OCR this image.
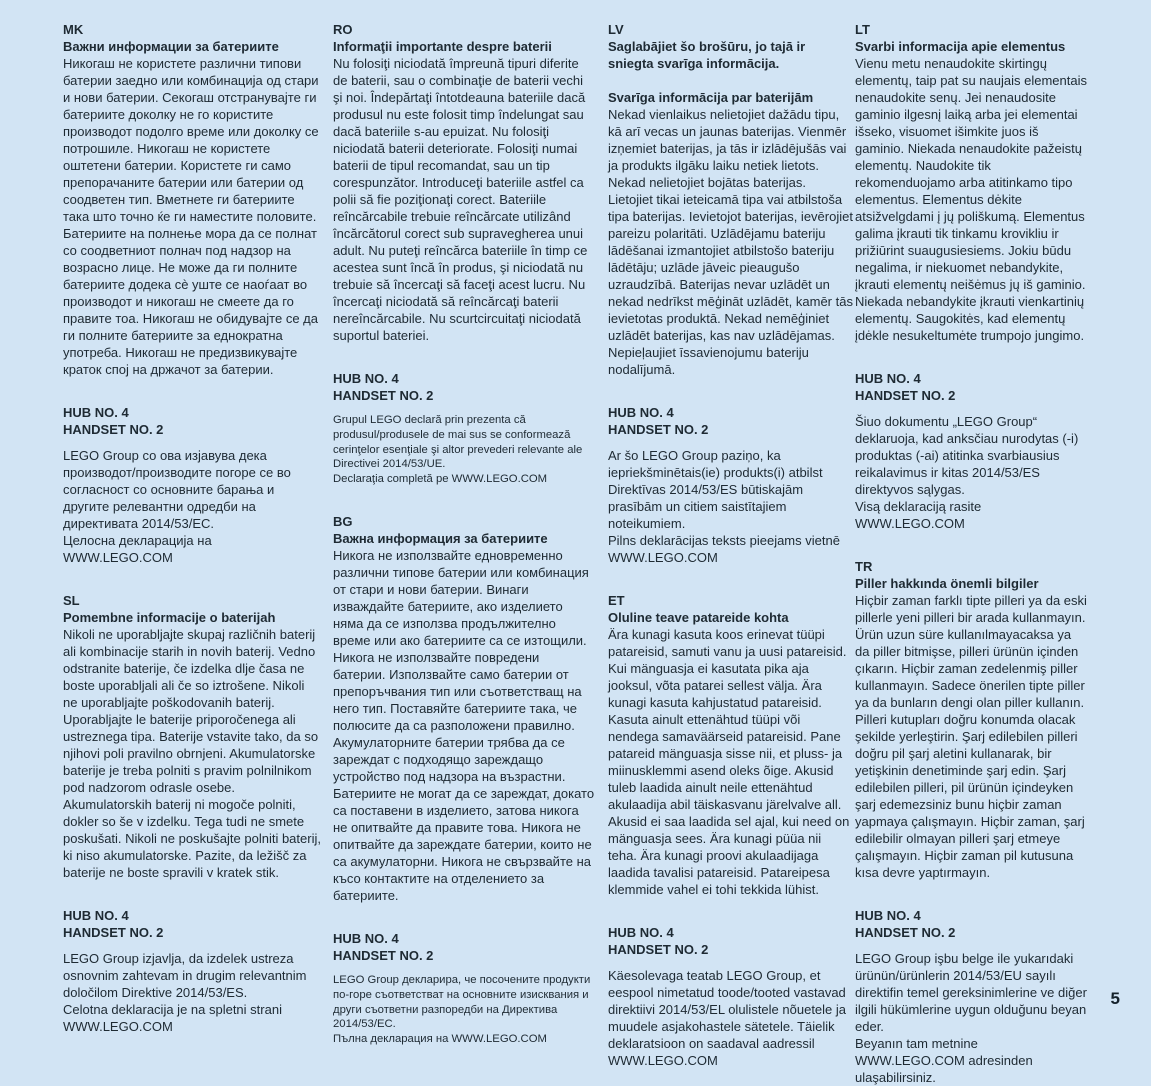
MK
Важни информации за батериите

Никогаш не користете различни типови батерии заедно или комбинација од стари и нови батерии. Секогаш отстранувајте ги батериите доколку не го користите производот подолго време или доколку се потрошиле. Никогаш не користете оштетени батерии. Користете ги само препорачаните батерии или батерии од соодветен тип. Вметнете ги батериите така што точно ќе ги наместите половите. Батериите на полнење мора да се полнат со соодветниот полнач под надзор на возрасно лице. Не може да ги полните батериите додека сè уште се наоѓаат во производот и никогаш не смеете да го правите тоа. Никогаш не обидувајте се да ги полните батериите за еднократна употреба. Никогаш не предизвикувајте краток спој на држачот за батерии.

HUB NO. 4
HANDSET NO. 2
LEGO Group со ова изјавува дека производот/производите погоре се во согласност со основните барања и другите релевантни одредби на директивата 2014/53/ЕС.
Целосна декларација на WWW.LEGO.COM
SL
Pomembne informacije o baterijah

Nikoli ne uporabljajte skupaj različnih baterij ali kombinacije starih in novih baterij. Vedno odstranite baterije, če izdelka dlje časa ne boste uporabljali ali če so iztrošene. Nikoli ne uporabljajte poškodovanih baterij. Uporabljajte le baterije priporočenega ali ustreznega tipa. Baterije vstavite tako, da so njihovi poli pravilno obrnjeni. Akumulatorske baterije je treba polniti s pravim polnilnikom pod nadzorom odrasle osebe. Akumulatorskih baterij ni mogoče polniti, dokler so še v izdelku. Tega tudi ne smete poskušati. Nikoli ne poskušajte polniti baterij, ki niso akumulatorske. Pazite, da ležišč za baterije ne boste spravili v kratek stik.

HUB NO. 4
HANDSET NO. 2
LEGO Group izjavlja, da izdelek ustreza osnovnim zahtevam in drugim relevantnim določilom Direktive 2014/53/ES.
Celotna deklaracija je na spletni strani WWW.LEGO.COM
RO
Informaţii importante despre baterii

Nu folosiţi niciodată împreună tipuri diferite de baterii, sau o combinaţie de baterii vechi şi noi. Îndepărtaţi întotdeauna bateriile dacă produsul nu este folosit timp îndelungat sau dacă bateriile s-au epuizat. Nu folosiţi niciodată baterii deteriorate. Folosiţi numai baterii de tipul recomandat, sau un tip corespunzător. Introduceţi bateriile astfel ca polii să fie poziţionaţi corect. Bateriile reîncărcabile trebuie reîncărcate utilizând încărcătorul corect sub supravegherea unui adult. Nu puteţi reîncărca bateriile în timp ce acestea sunt încă în produs, şi niciodată nu trebuie să încercaţi să faceţi acest lucru. Nu încercaţi niciodată să reîncărcaţi baterii nereîncărcabile. Nu scurtcircuitaţi niciodată suportul bateriei.

HUB NO. 4
HANDSET NO. 2
Grupul LEGO declară prin prezenta că produsul/produsele de mai sus se conformează cerinţelor esenţiale şi altor prevederi relevante ale Directivei 2014/53/UE.
Declaraţia completă pe WWW.LEGO.COM
BG
Важна информация за батериите

Никога не използвайте едновременно различни типове батерии или комбинация от стари и нови батерии. Винаги изваждайте батериите, ако изделието няма да се използва продължително време или ако батериите са се изтощили. Никога не използвайте повредени батерии. Използвайте само батерии от препоръчвания тип или съответстващ на него тип. Поставяйте батериите така, че полюсите да са разположени правилно. Акумулаторните батерии трябва да се зареждат с подходящо зареждащо устройство под надзора на възрастни. Батериите не могат да се зареждат, докато са поставени в изделието, затова никога не опитвайте да правите това. Никога не опитвайте да зареждате батерии, които не са акумулаторни. Никога не свързвайте на късо контактите на отделението за батериите.

HUB NO. 4
HANDSET NO. 2
LEGO Group декларира, че посочените продукти по-горе съответстват на основните изисквания и други съответни разпоредби на Директива 2014/53/ЕС.
Пълна декларация на WWW.LEGO.COM
LV

Saglabājiet šo brošūru, jo tajā ir sniegta svarīga informācija.

Svarīga informācija par baterijām

Nekad vienlaikus nelietojiet dažādu tipu, kā arī vecas un jaunas baterijas. Vienmēr izņemiet baterijas, ja tās ir izlādējušās vai ja produkts ilgāku laiku netiek lietots. Nekad nelietojiet bojātas baterijas. Lietojiet tikai ieteicamā tipa vai atbilstoša tipa baterijas. Ievietojot baterijas, ievērojiet pareizu polaritāti. Uzlādējamu bateriju lādēšanai izmantojiet atbilstošo bateriju lādētāju; uzlāde jāveic pieaugušo uzraudzībā. Baterijas nevar uzlādēt un nekad nedrīkst mēģināt uzlādēt, kamēr tās ievietotas produktā. Nekad nemēģiniet uzlādēt baterijas, kas nav uzlādējamas. Nepieļaujiet īssavienojumu bateriju nodalījumā.

HUB NO. 4
HANDSET NO. 2
Ar šo LEGO Group paziņo, ka iepriekšminētais(ie) produkts(i) atbilst Direktīvas 2014/53/ES būtiskajām prasībām un citiem saistītajiem noteikumiem.
Pilns deklarācijas teksts pieejams vietnē WWW.LEGO.COM
ET
Oluline teave patareide kohta

Ära kunagi kasuta koos erinevat tüüpi patareisid, samuti vanu ja uusi patareisid. Kui mänguasja ei kasutata pika aja jooksul, võta patarei sellest välja. Ära kunagi kasuta kahjustatud patareisid. Kasuta ainult ettenähtud tüüpi või nendega samaväärseid patareisid. Pane patareid mänguasja sisse nii, et pluss- ja miinusklemmi asend oleks õige. Akusid tuleb laadida ainult neile ettenähtud akulaadija abil täiskasvanu järelvalve all. Akusid ei saa laadida sel ajal, kui need on mänguasja sees. Ära kunagi püüa nii teha. Ära kunagi proovi akulaadijaga laadida tavalisi patareisid. Patareipesa klemmide vahel ei tohi tekkida lühist.

HUB NO. 4
HANDSET NO. 2
Käesolevaga teatab LEGO Group, et eespool nimetatud toode/tooted vastavad direktiivi 2014/53/EL olulistele nõuetele ja muudele asjakohastele sätetele. Täielik deklaratsioon on saadaval aadressil WWW.LEGO.COM
LT
Svarbi informacija apie elementus

Vienu metu nenaudokite skirtingų elementų, taip pat su naujais elementais nenaudokite senų. Jei nenaudosite gaminio ilgesnį laiką arba jei elementai išseko, visuomet išimkite juos iš gaminio. Niekada nenaudokite pažeistų elementų. Naudokite tik rekomenduojamo arba atitinkamo tipo elementus. Elementus dėkite atsižvelgdami į jų poliškumą. Elementus galima įkrauti tik tinkamu krovikliu ir prižiūrint suaugusiesiems. Jokiu būdu negalima, ir niekuomet nebandykite, įkrauti elementų neišėmus jų iš gaminio. Niekada nebandykite įkrauti vienkartinių elementų. Saugokitės, kad elementų įdėkle nesukeltumėte trumpojo jungimo.

HUB NO. 4
HANDSET NO. 2
Šiuo dokumentu „LEGO Group“ deklaruoja, kad anksčiau nurodytas (-i) produktas (-ai) atitinka svarbiausius reikalavimus ir kitas 2014/53/ES direktyvos sąlygas.
Visą deklaraciją rasite WWW.LEGO.COM
TR
Piller hakkında önemli bilgiler

Hiçbir zaman farklı tipte pilleri ya da eski pillerle yeni pilleri bir arada kullanmayın. Ürün uzun süre kullanılmayacaksa ya da piller bitmişse, pilleri ürünün içinden çıkarın. Hiçbir zaman zedelenmiş piller kullanmayın. Sadece önerilen tipte piller ya da bunların dengi olan piller kullanın. Pilleri kutupları doğru konumda olacak şekilde yerleştirin. Şarj edilebilen pilleri doğru pil şarj aletini kullanarak, bir yetişkinin denetiminde şarj edin. Şarj edilebilen pilleri, pil ürünün içindeyken şarj edemezsiniz bunu hiçbir zaman yapmaya çalışmayın. Hiçbir zaman, şarj edilebilir olmayan pilleri şarj etmeye çalışmayın. Hiçbir zaman pil kutusuna kısa devre yaptırmayın.

HUB NO. 4
HANDSET NO. 2
LEGO Group işbu belge ile yukarıdaki ürünün/ürünlerin 2014/53/EU sayılı direktifin temel gereksinimlerine ve diğer ilgili hükümlerine uygun olduğunu beyan eder.
Beyanın tam metnine WWW.LEGO.COM adresinden ulaşabilirsiniz.
5
